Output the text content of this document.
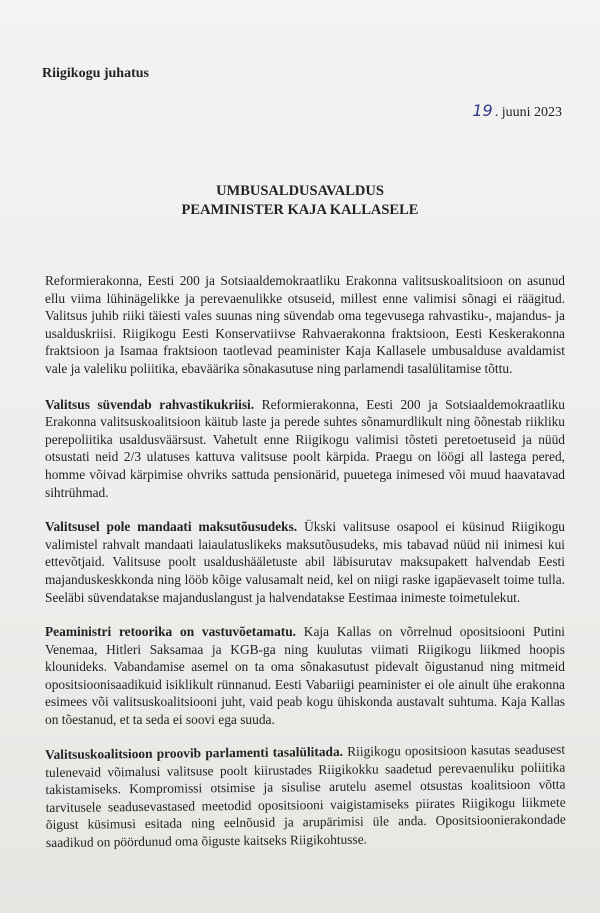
Riigikogu juhatus
19 . juuni 2023
UMBUSALDUSAVALDUS
PEAMINISTER KAJA KALLASELE

Reformierakonna, Eesti 200 ja Sotsiaaldemokraatliku Erakonna valitsuskoalitsioon on asunud ellu viima lühinägelikke ja perevaenulikke otsuseid, millest enne valimisi sõnagi ei räägitud. Valitsus juhib riiki täiesti vales suunas ning süvendab oma tegevusega rahvastiku-, majandus- ja usalduskriisi. Riigikogu Eesti Konservatiivse Rahvaerakonna fraktsioon, Eesti Keskerakonna fraktsioon ja Isamaa fraktsioon taotlevad peaminister Kaja Kallasele umbusalduse avaldamist vale ja valeliku poliitika, ebaväärika sõnakasutuse ning parlamendi tasalülitamise tõttu.

Valitsus süvendab rahvastikukriisi. Reformierakonna, Eesti 200 ja Sotsiaaldemokraatliku Erakonna valitsuskoalitsioon käitub laste ja perede suhtes sõnamurdlikult ning õõnestab riikliku perepoliitika usaldusväärsust. Vahetult enne Riigikogu valimisi tõsteti peretoetuseid ja nüüd otsustati neid 2/3 ulatuses kattuva valitsuse poolt kärpida. Praegu on löögi all lastega pered, homme võivad kärpimise ohvriks sattuda pensionärid, puuetega inimesed või muud haavatavad sihtrühmad.

Valitsusel pole mandaati maksutõusudeks. Ükski valitsuse osapool ei küsinud Riigikogu valimistel rahvalt mandaati laiaulatuslikeks maksutõusudeks, mis tabavad nüüd nii inimesi kui ettevõtjaid. Valitsuse poolt usaldushääletuste abil läbisurutav maksupakett halvendab Eesti majanduskeskkonda ning lööb kõige valusamalt neid, kel on niigi raske igapäevaselt toime tulla. Seeläbi süvendatakse majanduslangust ja halvendatakse Eestimaa inimeste toimetulekut.

Peaministri retoorika on vastuvõetamatu. Kaja Kallas on võrrelnud opositsiooni Putini Venemaa, Hitleri Saksamaa ja KGB-ga ning kuulutas viimati Riigikogu liikmed hoopis klounideks. Vabandamise asemel on ta oma sõnakasutust pidevalt õigustanud ning mitmeid opositsioonisaadikuid isiklikult rünnanud. Eesti Vabariigi peaminister ei ole ainult ühe erakonna esimees või valitsuskoalitsiooni juht, vaid peab kogu ühiskonda austavalt suhtuma. Kaja Kallas on tõestanud, et ta seda ei soovi ega suuda.

Valitsuskoalitsioon proovib parlamenti tasalülitada. Riigikogu opositsioon kasutas seadusest tulenevaid võimalusi valitsuse poolt kiirustades Riigikokku saadetud perevaenuliku poliitika takistamiseks. Kompromissi otsimise ja sisulise arutelu asemel otsustas koalitsioon võtta tarvitusele seadusevastased meetodid opositsiooni vaigistamiseks piirates Riigikogu liikmete õigust küsimusi esitada ning eelnõusid ja arupärimisi üle anda. Opositsioonierakondade saadikud on pöördunud oma õiguste kaitseks Riigikohtusse.
